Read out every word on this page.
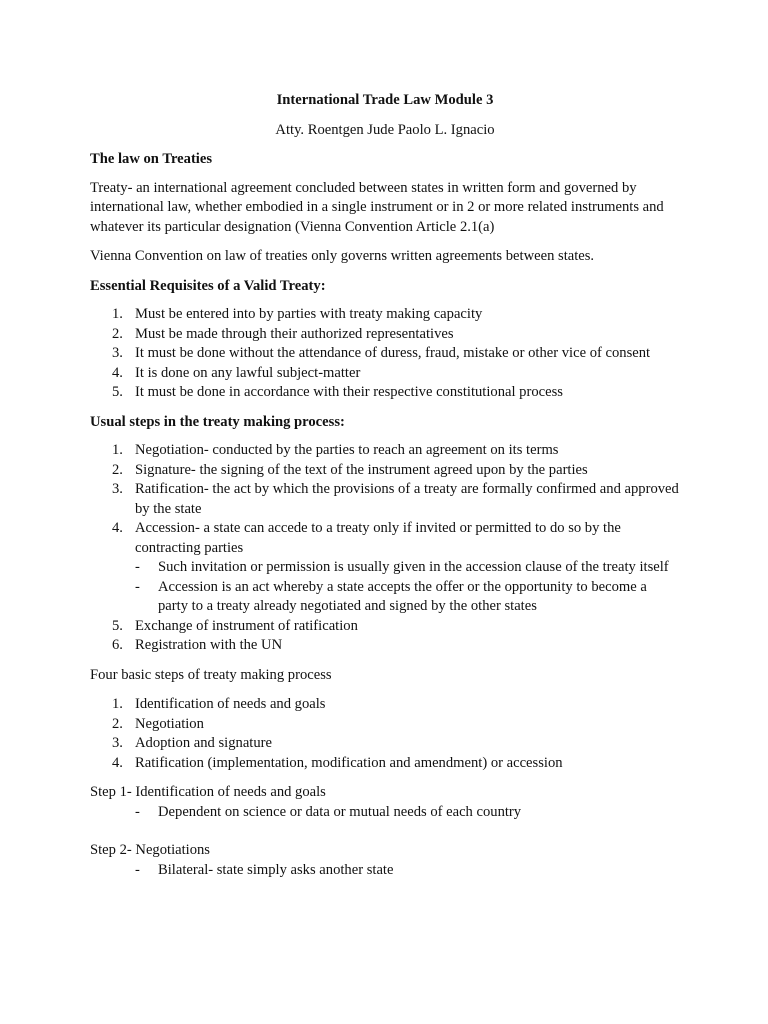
International Trade Law Module 3

Atty. Roentgen Jude Paolo L. Ignacio

The law on Treaties

Treaty- an international agreement concluded between states in written form and governed by international law, whether embodied in a single instrument or in 2 or more related instruments and whatever its particular designation (Vienna Convention Article 2.1(a)

Vienna Convention on law of treaties only governs written agreements between states.

Essential Requisites of a Valid Treaty:

1. Must be entered into by parties with treaty making capacity
2. Must be made through their authorized representatives
3. It must be done without the attendance of duress, fraud, mistake or other vice of consent
4. It is done on any lawful subject-matter
5. It must be done in accordance with their respective constitutional process

Usual steps in the treaty making process:

1. Negotiation- conducted by the parties to reach an agreement on its terms
2. Signature- the signing of the text of the instrument agreed upon by the parties
3. Ratification- the act by which the provisions of a treaty are formally confirmed and approved by the state
4. Accession- a state can accede to a treaty only if invited or permitted to do so by the contracting parties
- Such invitation or permission is usually given in the accession clause of the treaty itself
- Accession is an act whereby a state accepts the offer or the opportunity to become a party to a treaty already negotiated and signed by the other states
5. Exchange of instrument of ratification
6. Registration with the UN

Four basic steps of treaty making process

1. Identification of needs and goals
2. Negotiation
3. Adoption and signature
4. Ratification (implementation, modification and amendment) or accession

Step 1- Identification of needs and goals

- Dependent on science or data or mutual needs of each country

Step 2- Negotiations

- Bilateral- state simply asks another state
